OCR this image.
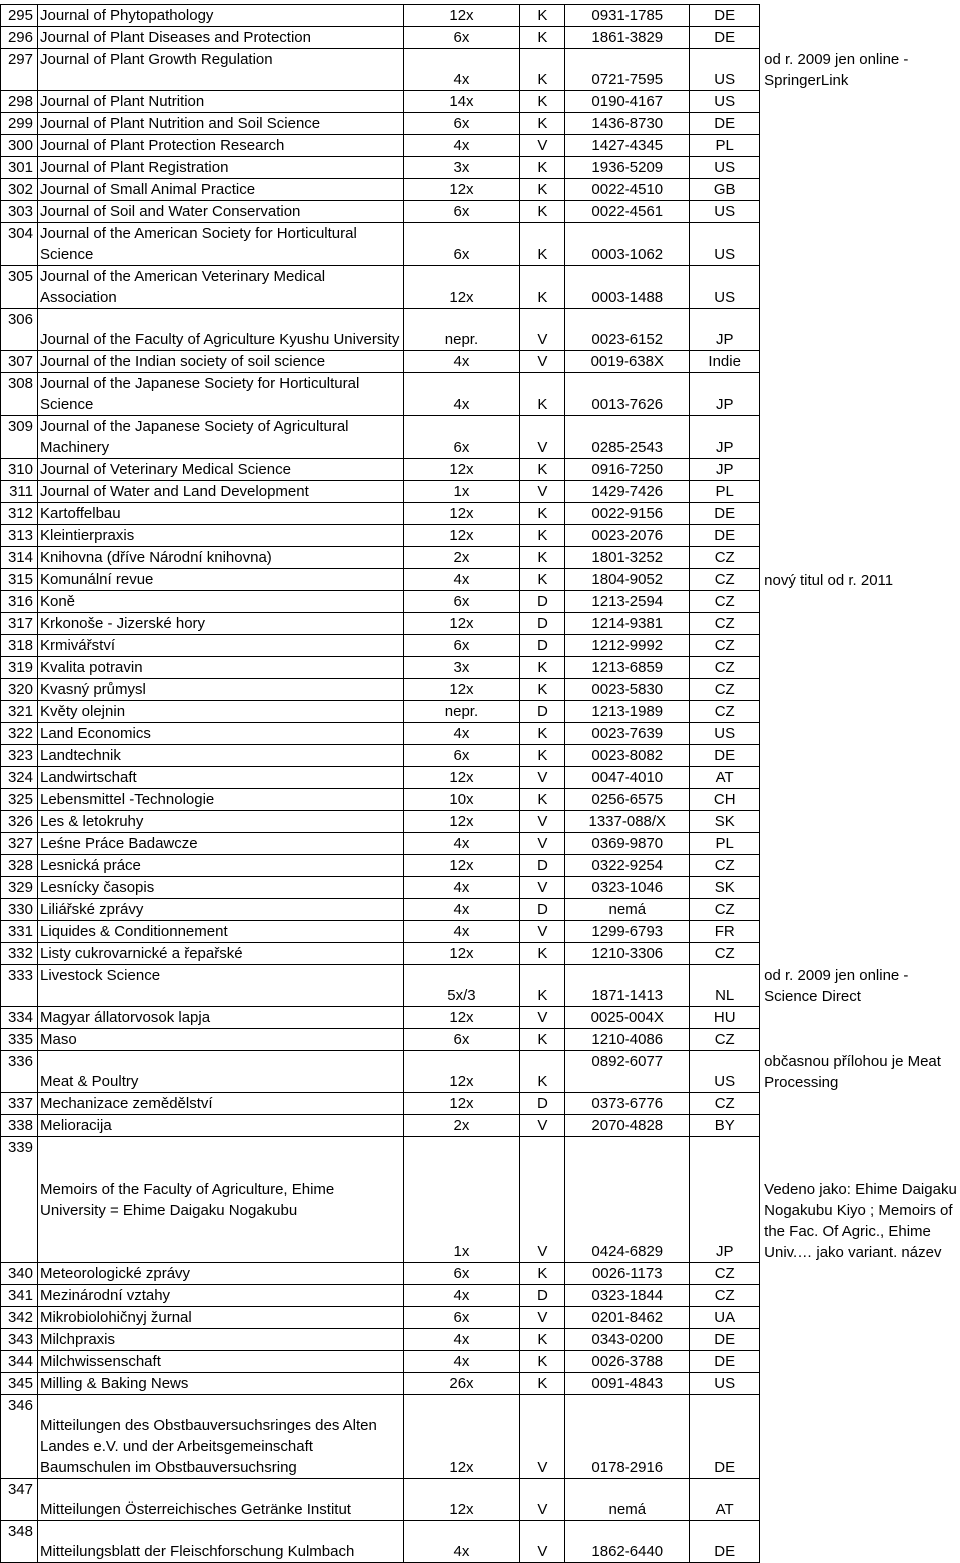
295	Journal of Phytopathology	12x	K	0931-1785	DE	
296	Journal of Plant Diseases and Protection	6x	K	1861-3829	DE	
297	Journal of Plant Growth Regulation	4x	K	0721-7595	US	od r. 2009 jen online - SpringerLink
298	Journal of Plant Nutrition	14x	K	0190-4167	US	
299	Journal of Plant Nutrition and Soil Science	6x	K	1436-8730	DE	
300	Journal of Plant Protection Research	4x	V	1427-4345	PL	
301	Journal of Plant Registration	3x	K	1936-5209	US	
302	Journal of Small Animal Practice	12x	K	0022-4510	GB	
303	Journal of Soil and Water Conservation	6x	K	0022-4561	US	
304	Journal of the American Society for Horticultural Science	6x	K	0003-1062	US	
305	Journal of the American Veterinary Medical Association	12x	K	0003-1488	US	
306	Journal of the Faculty of Agriculture Kyushu University	nepr.	V	0023-6152	JP	
307	Journal of the Indian society of soil science	4x	V	0019-638X	Indie	
308	Journal of the Japanese Society for Horticultural Science	4x	K	0013-7626	JP	
309	Journal of the Japanese Society of Agricultural Machinery	6x	V	0285-2543	JP	
310	Journal of Veterinary Medical Science	12x	K	0916-7250	JP	
311	Journal of Water and Land Development	1x	V	1429-7426	PL	
312	Kartoffelbau	12x	K	0022-9156	DE	
313	Kleintierpraxis	12x	K	0023-2076	DE	
314	Knihovna (dříve Národní knihovna)	2x	K	1801-3252	CZ	
315	Komunální revue	4x	K	1804-9052	CZ	nový titul od r. 2011
316	Koně	6x	D	1213-2594	CZ	
317	Krkonoše - Jizerské hory	12x	D	1214-9381	CZ	
318	Krmivářství	6x	D	1212-9992	CZ	
319	Kvalita potravin	3x	K	1213-6859	CZ	
320	Kvasný průmysl	12x	K	0023-5830	CZ	
321	Květy olejnin	nepr.	D	1213-1989	CZ	
322	Land Economics	4x	K	0023-7639	US	
323	Landtechnik	6x	K	0023-8082	DE	
324	Landwirtschaft	12x	V	0047-4010	AT	
325	Lebensmittel -Technologie	10x	K	0256-6575	CH	
326	Les & letokruhy	12x	V	1337-088/X	SK	
327	Leśne Práce Badawcze	4x	V	0369-9870	PL	
328	Lesnická práce	12x	D	0322-9254	CZ	
329	Lesnícky časopis	4x	V	0323-1046	SK	
330	Liliářské zprávy	4x	D	nemá	CZ	
331	Liquides & Conditionnement	4x	V	1299-6793	FR	
332	Listy cukrovarnické a řepařské	12x	K	1210-3306	CZ	
333	Livestock Science	5x/3	K	1871-1413	NL	od r. 2009 jen online - Science Direct
334	Magyar állatorvosok lapja	12x	V	0025-004X	HU	
335	Maso	6x	K	1210-4086	CZ	
336	Meat & Poultry	12x	K	0892-6077	US	občasnou přílohou je Meat Processing
337	Mechanizace zemědělství	12x	D	0373-6776	CZ	
338	Melioracija	2x	V	2070-4828	BY	
339	Memoirs of the Faculty of Agriculture, Ehime University = Ehime Daigaku Nogakubu	1x	V	0424-6829	JP	Vedeno jako: Ehime Daigaku Nogakubu Kiyo ; Memoirs of the Fac. Of Agric., Ehime Univ.… jako variant. název
340	Meteorologické zprávy	6x	K	0026-1173	CZ	
341	Mezinárodní vztahy	4x	D	0323-1844	CZ	
342	Mikrobiolohičnyj žurnal	6x	V	0201-8462	UA	
343	Milchpraxis	4x	K	0343-0200	DE	
344	Milchwissenschaft	4x	K	0026-3788	DE	
345	Milling & Baking News	26x	K	0091-4843	US	
346	Mitteilungen des Obstbauversuchsringes des Alten Landes e.V. und der Arbeitsgemeinschaft Baumschulen im Obstbauversuchsring	12x	V	0178-2916	DE	
347	Mitteilungen Österreichisches Getränke Institut	12x	V	nemá	AT	
348	Mitteilungsblatt der Fleischforschung Kulmbach	4x	V	1862-6440	DE	
